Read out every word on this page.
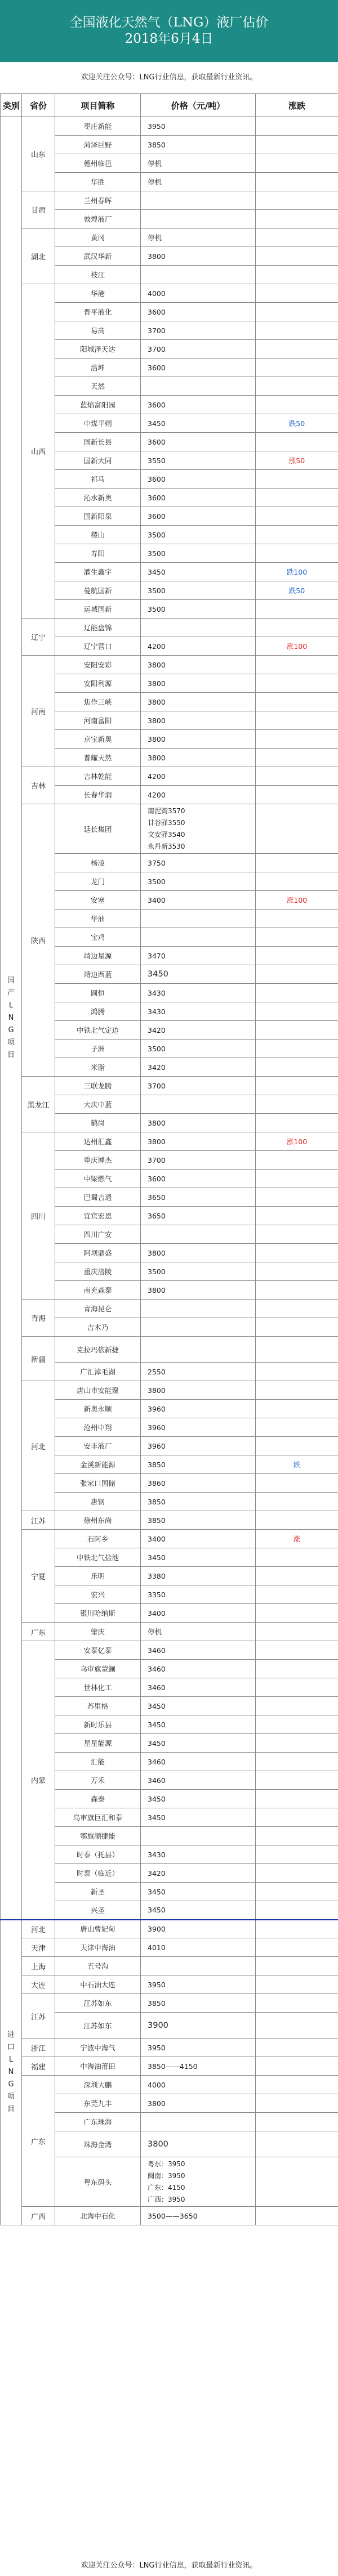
全国液化天然气（LNG）液厂估价
2018年6月4日
欢迎关注公众号：LNG行业信息，获取最新行业资讯。
类别	省份	项目简称	价格（元/吨）	涨跌
国产LNG项目	山东	枣庄新能	3950	
		菏泽巨野	3850	
		德州临邑	停机	
		华胜	停机	
	甘肃	兰州春晖		
		敦煌液厂		
	湖北	黄冈	停机	
		武汉华新	3800	
		枝江		
	山西	华港	4000	
		晋平液化	3600	
		易高	3700	
		阳城泽天达	3700	
		浩坤	3600	
		天然		
		蓝焰富阳园	3600	
		中煤平朔	3450	跌50
		国新长县	3600	
		国新大同	3550	涨50
		祁马	3600	
		沁水新奥	3600	
		国新阳泉	3600	
		稷山	3500	
		寿阳	3500	
		灌生鑫宇	3450	跌100
		曼航国新	3500	跌50
		运城国新	3500	
	辽宁	辽能盘锦		
		辽宁营口	4200	涨100
	河南	安阳安彩	3800	
		安阳利源	3800	
		焦作三峡	3800	
		河南富阳	3800	
		京宝新奥	3800	
		普耀天然	3800	
	吉林	吉林乾能	4200	
		长春华润	4200	
	陕西	延长集团	南泥湾3570
甘谷驿3550
文安驿3540
永丹新3530	

		杨凌	3750	
		龙门	3500	
		安塞	3400	涨100
		华油		
		宝鸡		
		靖边星源	3470	
		靖边西蓝	3450	
		圆恒	3430	
		鸿腾	3430	
		中铁北气定边	3420	
		子洲	3500	
		米脂	3420	
	黑龙江	三联龙腾	3700	
		大庆中蓝		
		鹤岗	3800	
	四川	达州汇鑫	3800	涨100
		重庆博杰	3700	
		中梁燃气	3600	
		巴蜀吉通	3650	
		宜宾宏恩	3650	
		四川广安		
		阿坝鼎盛	3800	
		重庆涪陵	3500	
		南充森泰	3800	
	青海	青海昆仑		
		吉木乃		
	新疆	克拉玛依新捷		
		广汇淖毛湖	2550	
	河北	唐山市安能聚	3800	
		新奥永顺	3960	
		沧州中翔	3960	
		安丰液厂	3960	
		金溪新能源	3850	跌
		张家口国储	3860	
		唐钢	3850	
	江苏	徐州东尚	3850	
	宁夏	石阿乡	3400	涨
		中铁北气盐池	3450	
		乐明	3380	
		宏兴	3350	
		银川哈纳斯	3400	
	广东	肇庆	停机	
	内蒙	安泰亿泰	3460	
		乌审旗蒙澜	3460	
		世林化工	3460	
		苏里格	3450	
		新时乐县	3450	
		星星能源	3450	
		汇能	3460	
		万禾	3460	
		森泰	3450	
		乌审旗巨汇和泰	3450	
		鄂旗顺捷能		
		时泰（托县）	3430	
		时泰（临近）	3420	
		新圣	3450	
		兴圣	3450	
进口LNG项目	河北	唐山曹妃甸	3900	
	天津	天津中海油	4010	
	上海	五号沟		
	大连	中石油大连	3950	
	江苏	江苏如东	3850	
		江苏如东	3900	
	浙江	宁波中海气	3950	
	福建	中海油莆田	3850——4150	
	广东	深圳大鹏	4000	
		东莞九丰	3800	
		广东珠海		
		珠海金湾	3800	
		粤东码头	粤东：3950
闽南：3950
广东：4150
广西：3950	

	广西	北海中石化	3500——3650	
欢迎关注公众号：LNG行业信息，获取最新行业资讯。
